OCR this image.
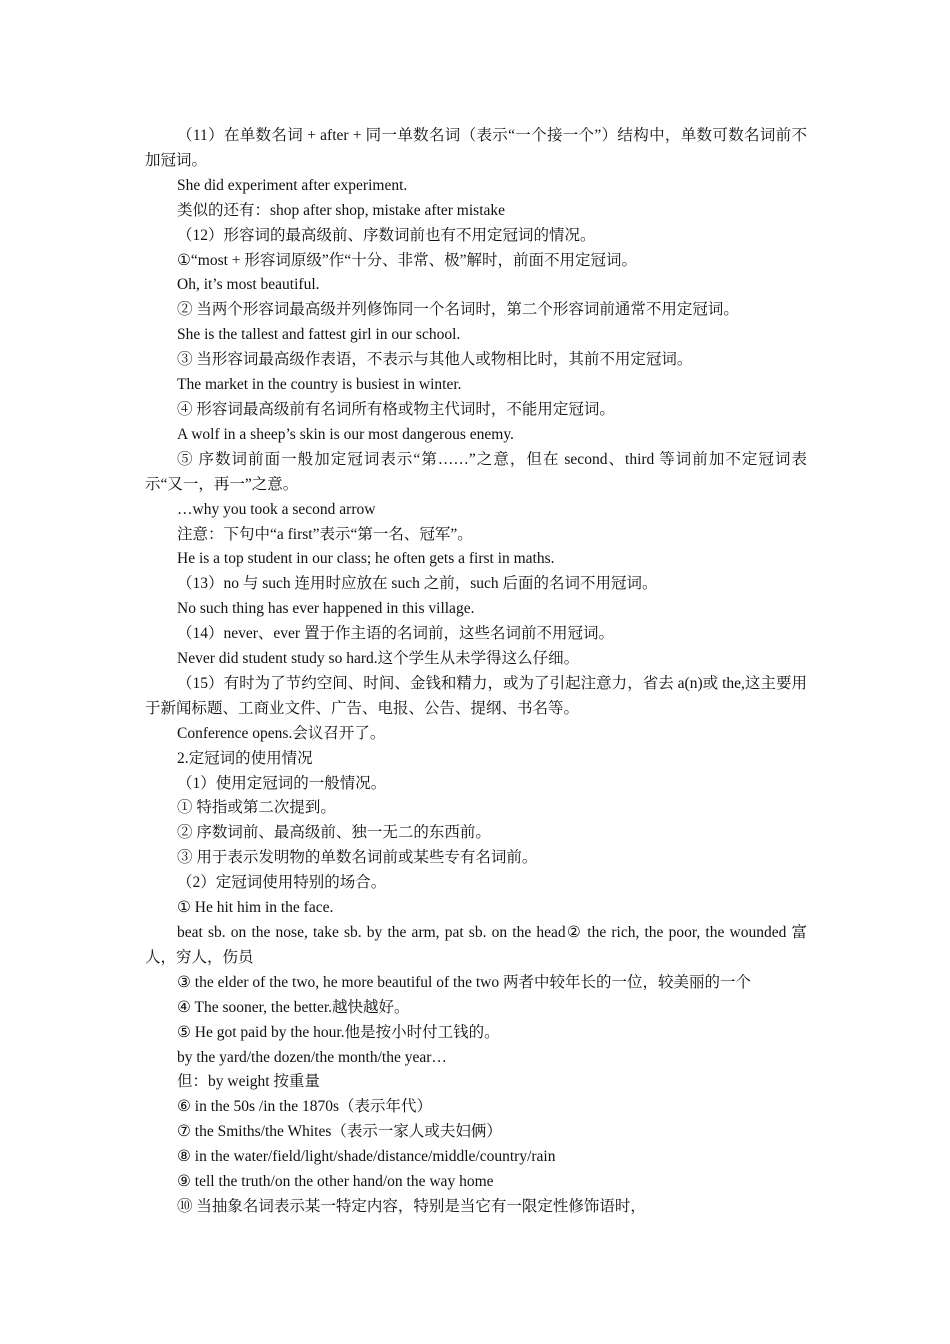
（11）在单数名词 + after + 同一单数名词（表示“一个接一个”）结构中，单数可数名词前不加冠词。

She did experiment after experiment.

类似的还有：shop after shop, mistake after mistake

（12）形容词的最高级前、序数词前也有不用定冠词的情况。

①“most + 形容词原级”作“十分、非常、极”解时，前面不用定冠词。

Oh, it’s most beautiful.

② 当两个形容词最高级并列修饰同一个名词时，第二个形容词前通常不用定冠词。

She is the tallest and fattest girl in our school.

③ 当形容词最高级作表语，不表示与其他人或物相比时，其前不用定冠词。

The market in the country is busiest in winter.

④ 形容词最高级前有名词所有格或物主代词时，不能用定冠词。

A wolf in a sheep’s skin is our most dangerous enemy.

⑤ 序数词前面一般加定冠词表示“第……”之意，但在 second、third 等词前加不定冠词表示“又一，再一”之意。

…why you took a second arrow

注意：下句中“a first”表示“第一名、冠军”。

He is a top student in our class; he often gets a first in maths.

（13）no 与 such 连用时应放在 such 之前，such 后面的名词不用冠词。

No such thing has ever happened in this village.

（14）never、ever 置于作主语的名词前，这些名词前不用冠词。

Never did student study so hard.这个学生从未学得这么仔细。

（15）有时为了节约空间、时间、金钱和精力，或为了引起注意力，省去 a(n)或 the,这主要用于新闻标题、工商业文件、广告、电报、公告、提纲、书名等。

Conference opens.会议召开了。

2.定冠词的使用情况

（1）使用定冠词的一般情况。

① 特指或第二次提到。

② 序数词前、最高级前、独一无二的东西前。

③ 用于表示发明物的单数名词前或某些专有名词前。

（2）定冠词使用特别的场合。

① He hit him in the face.

beat sb. on the nose, take sb. by the arm, pat sb. on the head② the rich, the poor, the wounded 富人，穷人，伤员

③ the elder of the two, he more beautiful of the two 两者中较年长的一位，较美丽的一个

④ The sooner, the better.越快越好。

⑤ He got paid by the hour.他是按小时付工钱的。

by the yard/the dozen/the month/the year…

但：by weight 按重量

⑥ in the 50s /in the 1870s（表示年代）

⑦ the Smiths/the Whites（表示一家人或夫妇俩）

⑧ in the water/field/light/shade/distance/middle/country/rain

⑨ tell the truth/on the other hand/on the way home

⑩ 当抽象名词表示某一特定内容，特别是当它有一限定性修饰语时，
